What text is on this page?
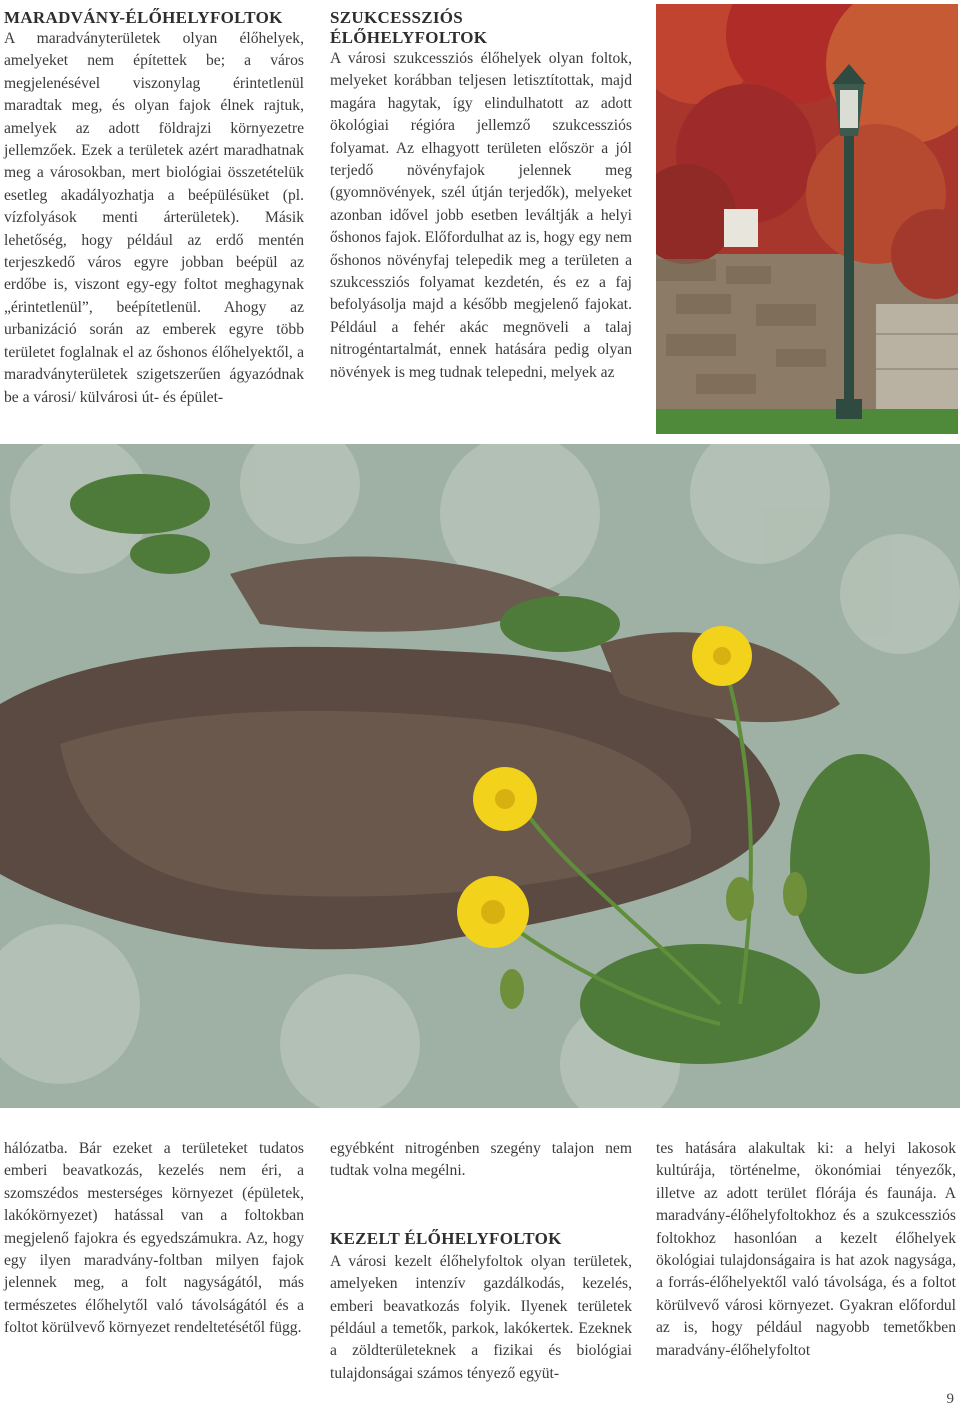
MARADVÁNY-ÉLŐHELYFOLTOK

A maradványterületek olyan élőhelyek, amelyeket nem építettek be; a város megjelenésével viszonylag érintetlenül maradtak meg, és olyan fajok élnek rajtuk, amelyek az adott földrajzi környezetre jellemzőek. Ezek a területek azért maradhatnak meg a városokban, mert biológiai összetételük esetleg akadályozhatja a beépülésüket (pl. vízfolyások menti árterületek). Másik lehetőség, hogy például az erdő mentén terjeszkedő város egyre jobban beépül az erdőbe is, viszont egy-egy foltot meghagynak „érintetlenül”, beépítetlenül. Ahogy az urbanizáció során az emberek egyre több területet foglalnak el az őshonos élőhelyektől, a maradványterületek szigetszerűen ágyazódnak be a városi/ külvárosi út- és épület-

SZUKCESSZIÓS
ÉLŐHELYFOLTOK

A városi szukcessziós élőhelyek olyan foltok, melyeket korábban teljesen letisztítottak, majd magára hagytak, így elindulhatott az adott ökológiai régióra jellemző szukcessziós folyamat. Az elhagyott területen először a jól terjedő növényfajok jelennek meg (gyomnövények, szél útján terjedők), melyeket azonban idővel jobb esetben leváltják a helyi őshonos fajok. Előfordulhat az is, hogy egy nem őshonos növényfaj telepedik meg a területen a szukcessziós folyamat kezdetén, és ez a faj befolyásolja majd a később megjelenő fajokat. Például a fehér akác megnöveli a talaj nitrogéntartalmát, ennek hatására pedig olyan növények is meg tudnak telepedni, melyek az

hálózatba. Bár ezeket a területeket tudatos emberi beavatkozás, kezelés nem éri, a szomszédos mesterséges környezet (épületek, lakókörnyezet) hatással van a foltokban megjelenő fajokra és egyedszámukra. Az, hogy egy ilyen maradvány-foltban milyen fajok jelennek meg, a folt nagyságától, más természetes élőhelytől való távolságától és a foltot körülvevő környezet rendeltetésétől függ.

egyébként nitrogénben szegény talajon nem tudtak volna megélni.

KEZELT ÉLŐHELYFOLTOK

A városi kezelt élőhelyfoltok olyan területek, amelyeken intenzív gazdálkodás, kezelés, emberi beavatkozás folyik. Ilyenek területek például a temetők, parkok, lakókertek. Ezeknek a zöldterületeknek a fizikai és biológiai tulajdonságai számos tényező együt-

tes hatására alakultak ki: a helyi lakosok kultúrája, történelme, ökonómiai tényezők, illetve az adott terület flórája és faunája. A maradvány-élőhelyfoltokhoz és a szukcessziós foltokhoz hasonlóan a kezelt élőhelyek ökológiai tulajdonságaira is hat azok nagysága, a forrás-élőhelyektől való távolsága, és a foltot körülvevő városi környezet. Gyakran előfordul az is, hogy például nagyobb temetőkben maradvány-élőhelyfoltot

9
